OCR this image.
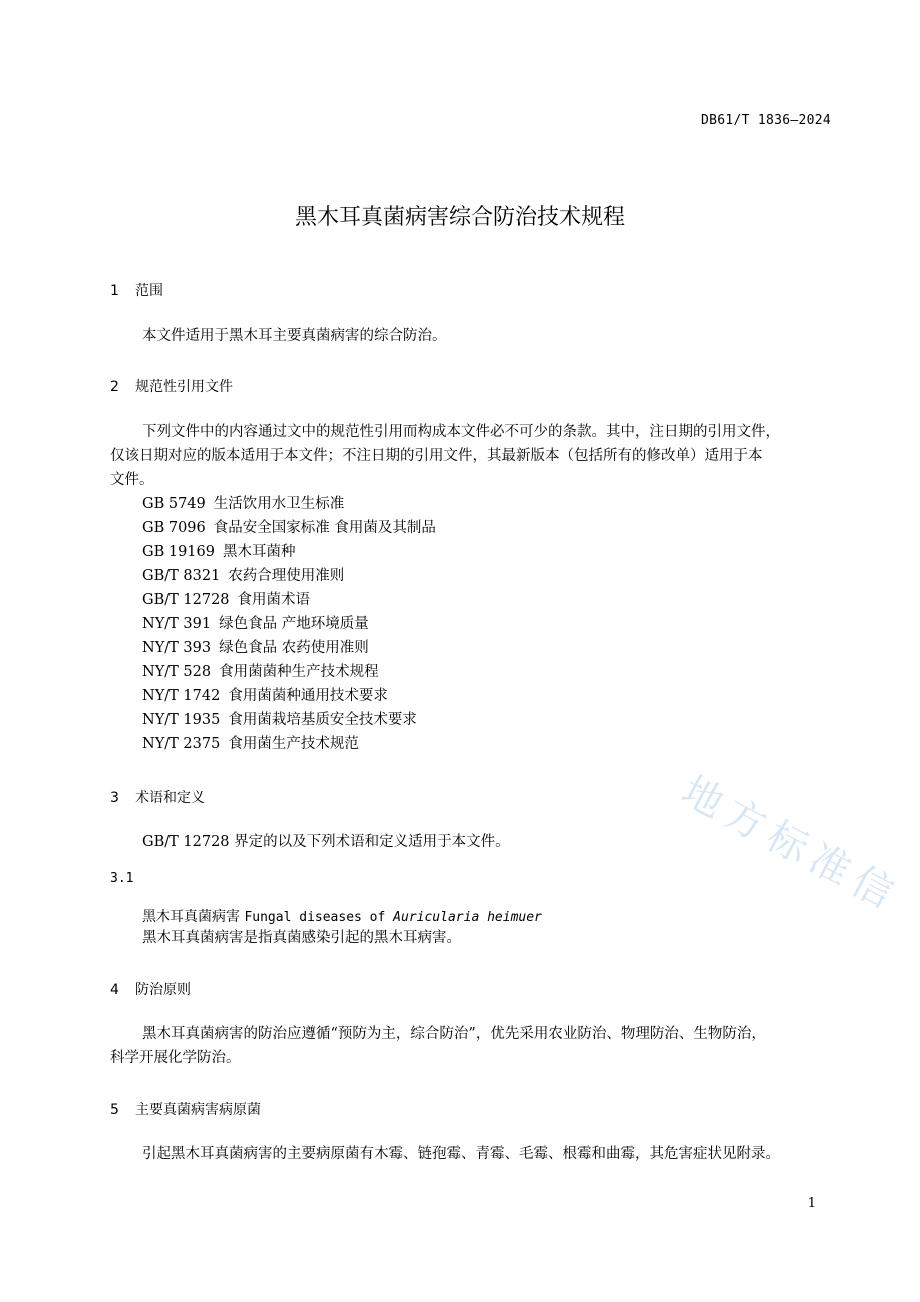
DB61/T 1836—2024
黑木耳真菌病害综合防治技术规程
1 范围
本文件适用于黑木耳主要真菌病害的综合防治。
2 规范性引用文件
下列文件中的内容通过文中的规范性引用而构成本文件必不可少的条款。其中，注日期的引用文件，
仅该日期对应的版本适用于本文件；不注日期的引用文件，其最新版本（包括所有的修改单）适用于本
文件。
GB 5749 生活饮用水卫生标准
GB 7096 食品安全国家标准 食用菌及其制品
GB 19169 黑木耳菌种
GB/T 8321 农药合理使用准则
GB/T 12728 食用菌术语
NY/T 391 绿色食品 产地环境质量
NY/T 393 绿色食品 农药使用准则
NY/T 528 食用菌菌种生产技术规程
NY/T 1742 食用菌菌种通用技术要求
NY/T 1935 食用菌栽培基质安全技术要求
NY/T 2375 食用菌生产技术规范
3 术语和定义
GB/T 12728 界定的以及下列术语和定义适用于本文件。
3.1
黑木耳真菌病害 Fungal diseases of Auricularia heimuer
黑木耳真菌病害是指真菌感染引起的黑木耳病害。
地方标准信
4 防治原则
黑木耳真菌病害的防治应遵循“预防为主，综合防治”，优先采用农业防治、物理防治、生物防治，
科学开展化学防治。
5 主要真菌病害病原菌
引起黑木耳真菌病害的主要病原菌有木霉、链孢霉、青霉、毛霉、根霉和曲霉，其危害症状见附录。
1
